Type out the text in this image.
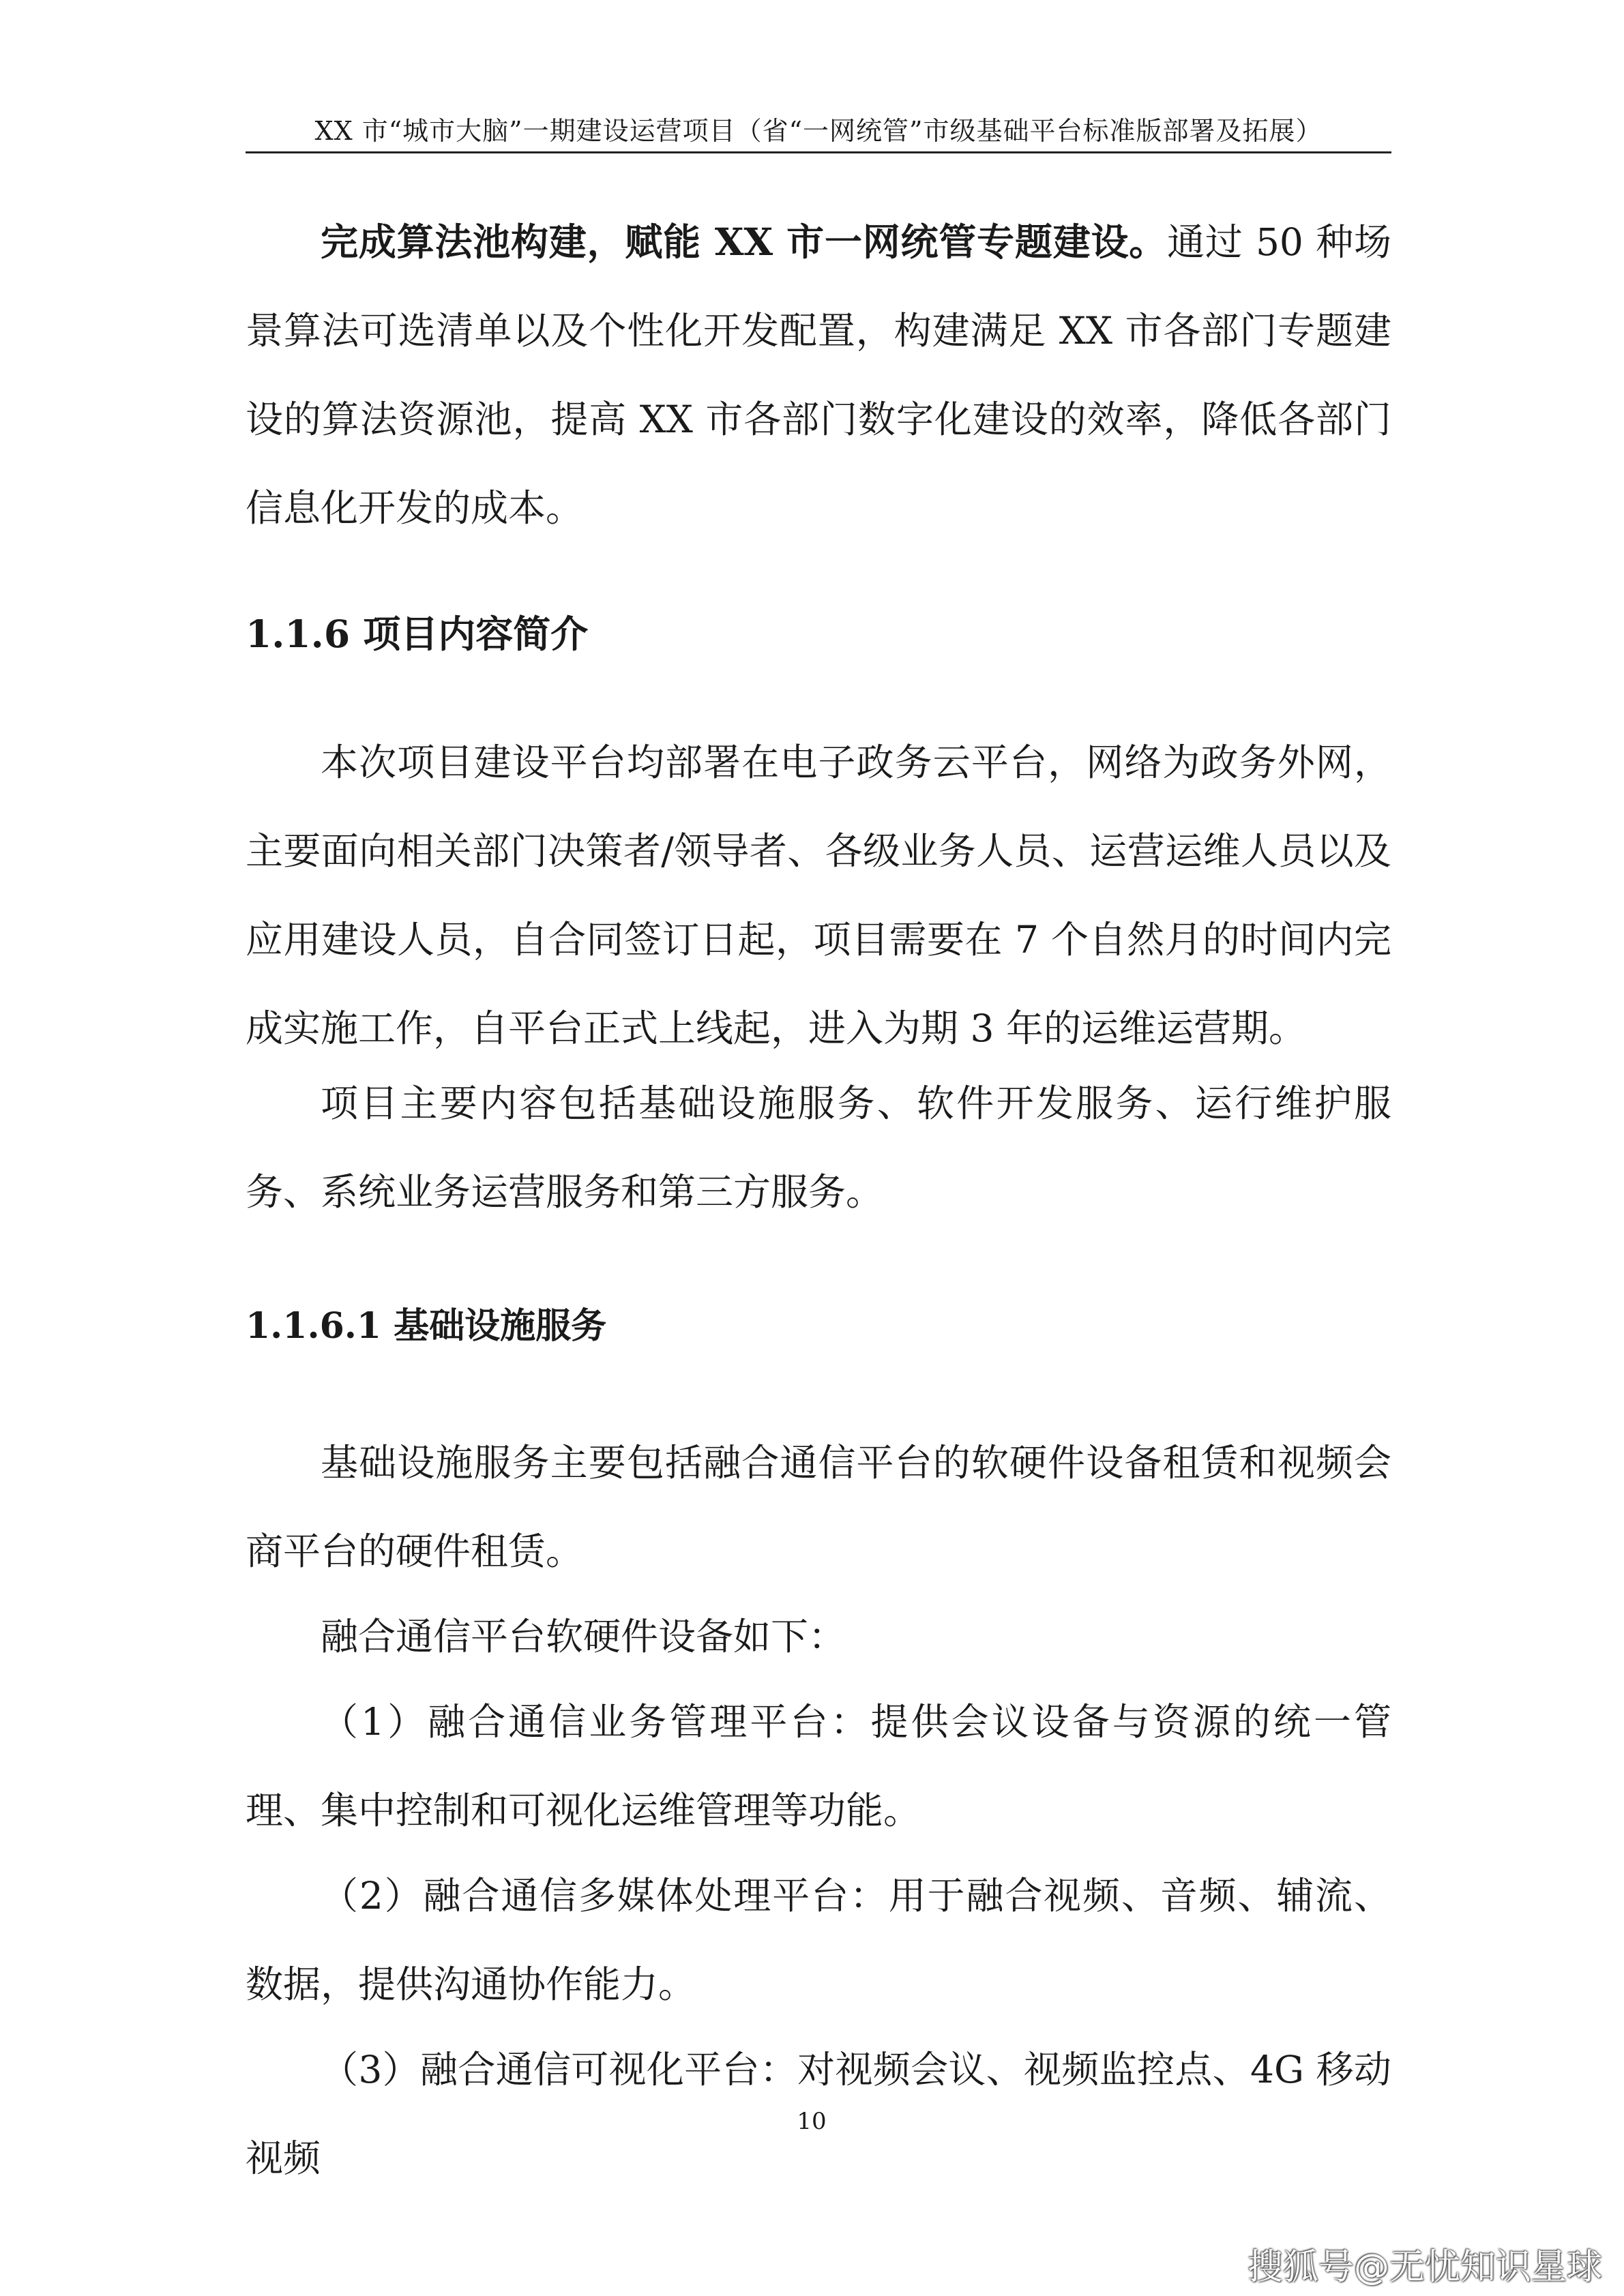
XX 市“城市大脑”一期建设运营项目（省“一网统管”市级基础平台标准版部署及拓展）

完成算法池构建，赋能 XX 市一网统管专题建设。通过 50 种场景算法可选清单以及个性化开发配置，构建满足 XX 市各部门专题建设的算法资源池，提高 XX 市各部门数字化建设的效率，降低各部门信息化开发的成本。

1.1.6 项目内容简介

本次项目建设平台均部署在电子政务云平台，网络为政务外网，主要面向相关部门决策者/领导者、各级业务人员、运营运维人员以及应用建设人员，自合同签订日起，项目需要在 7 个自然月的时间内完成实施工作，自平台正式上线起，进入为期 3 年的运维运营期。

项目主要内容包括基础设施服务、软件开发服务、运行维护服务、系统业务运营服务和第三方服务。

1.1.6.1 基础设施服务

基础设施服务主要包括融合通信平台的软硬件设备租赁和视频会商平台的硬件租赁。

融合通信平台软硬件设备如下：

（1）融合通信业务管理平台：提供会议设备与资源的统一管理、集中控制和可视化运维管理等功能。

（2）融合通信多媒体处理平台：用于融合视频、音频、辅流、数据，提供沟通协作能力。

（3）融合通信可视化平台：对视频会议、视频监控点、4G 移动视频

10
搜狐号@无忧知识星球
